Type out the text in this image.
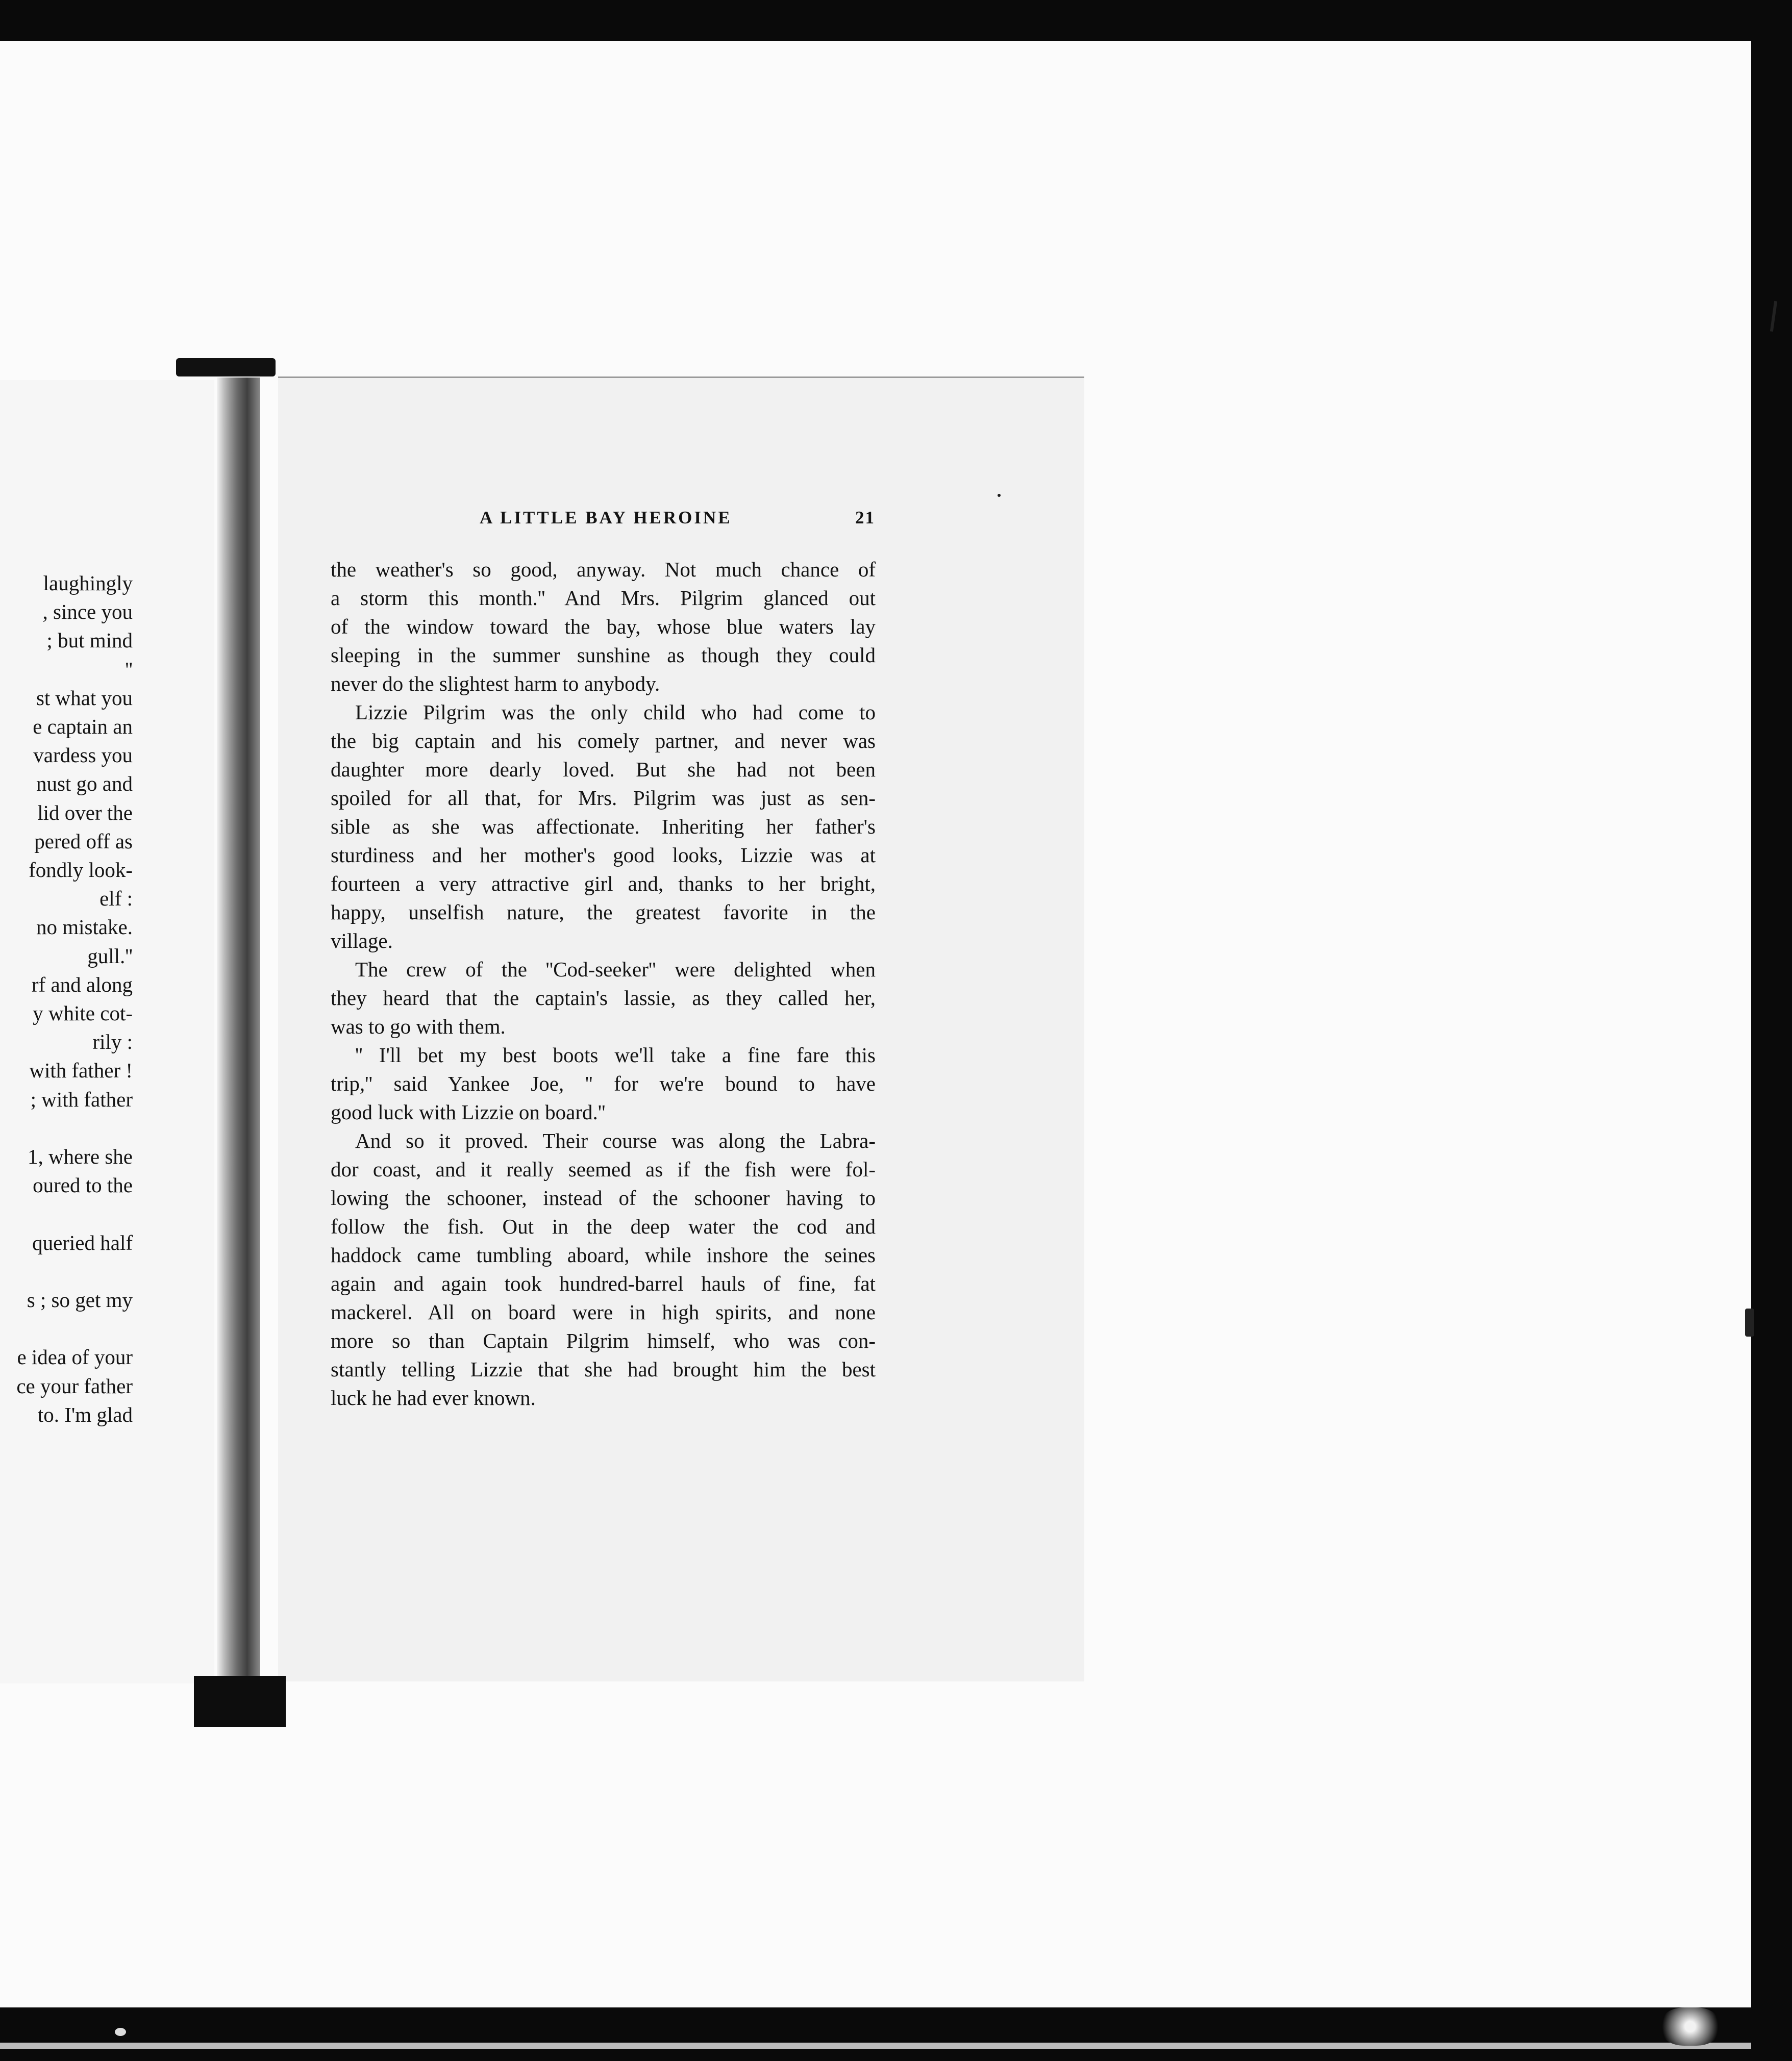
laughingly
, since you
; but mind
''
st what you
e captain an
vardess you
nust go and
lid over the
pered off as
fondly look-
elf :
no mistake.
gull.''
rf and along
y white cot-
rily :
with father !
; with father
1, where she
oured to the
queried half
s ; so get my
e idea of your
ce your father
to. I'm glad
A LITTLE BAY HEROINE	21
the weather's so good, anyway. Not much chance of
a storm this month.'' And Mrs. Pilgrim glanced out
of the window toward the bay, whose blue waters lay
sleeping in the summer sunshine as though they could
never do the slightest harm to anybody.
Lizzie Pilgrim was the only child who had come to
the big captain and his comely partner, and never was
daughter more dearly loved. But she had not been
spoiled for all that, for Mrs. Pilgrim was just as sen-
sible as she was affectionate. Inheriting her father's
sturdiness and her mother's good looks, Lizzie was at
fourteen a very attractive girl and, thanks to her bright,
happy, unselfish nature, the greatest favorite in the
village.
The crew of the ''Cod-seeker'' were delighted when
they heard that the captain's lassie, as they called her,
was to go with them.
'' I'll bet my best boots we'll take a fine fare this
trip,'' said Yankee Joe, '' for we're bound to have
good luck with Lizzie on board.''
And so it proved. Their course was along the Labra-
dor coast, and it really seemed as if the fish were fol-
lowing the schooner, instead of the schooner having to
follow the fish. Out in the deep water the cod and
haddock came tumbling aboard, while inshore the seines
again and again took hundred-barrel hauls of fine, fat
mackerel. All on board were in high spirits, and none
more so than Captain Pilgrim himself, who was con-
stantly telling Lizzie that she had brought him the best
luck he had ever known.
